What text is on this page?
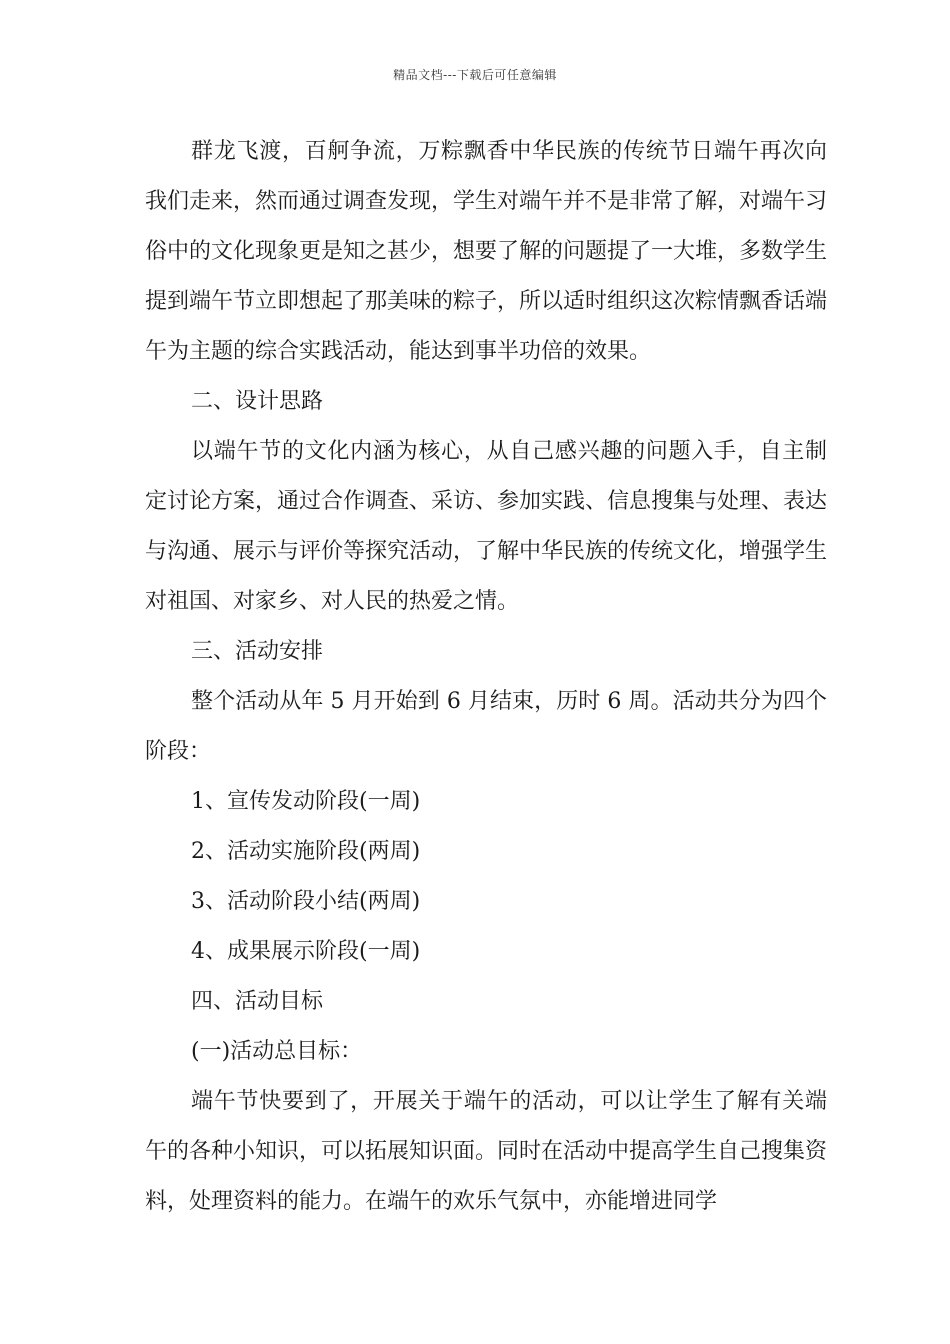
精品文档---下载后可任意编辑

群龙飞渡，百舸争流，万粽飘香中华民族的传统节日端午再次向我们走来，然而通过调查发现，学生对端午并不是非常了解，对端午习俗中的文化现象更是知之甚少，想要了解的问题提了一大堆，多数学生提到端午节立即想起了那美味的粽子，所以适时组织这次粽情飘香话端午为主题的综合实践活动，能达到事半功倍的效果。

二、设计思路

以端午节的文化内涵为核心，从自己感兴趣的问题入手，自主制定讨论方案，通过合作调查、采访、参加实践、信息搜集与处理、表达与沟通、展示与评价等探究活动，了解中华民族的传统文化，增强学生对祖国、对家乡、对人民的热爱之情。

三、活动安排

整个活动从年 5 月开始到 6 月结束，历时 6 周。活动共分为四个阶段：

1、宣传发动阶段(一周)

2、活动实施阶段(两周)

3、活动阶段小结(两周)

4、成果展示阶段(一周)

四、活动目标

(一)活动总目标：

端午节快要到了，开展关于端午的活动，可以让学生了解有关端午的各种小知识，可以拓展知识面。同时在活动中提高学生自己搜集资料，处理资料的能力。在端午的欢乐气氛中，亦能增进同学
